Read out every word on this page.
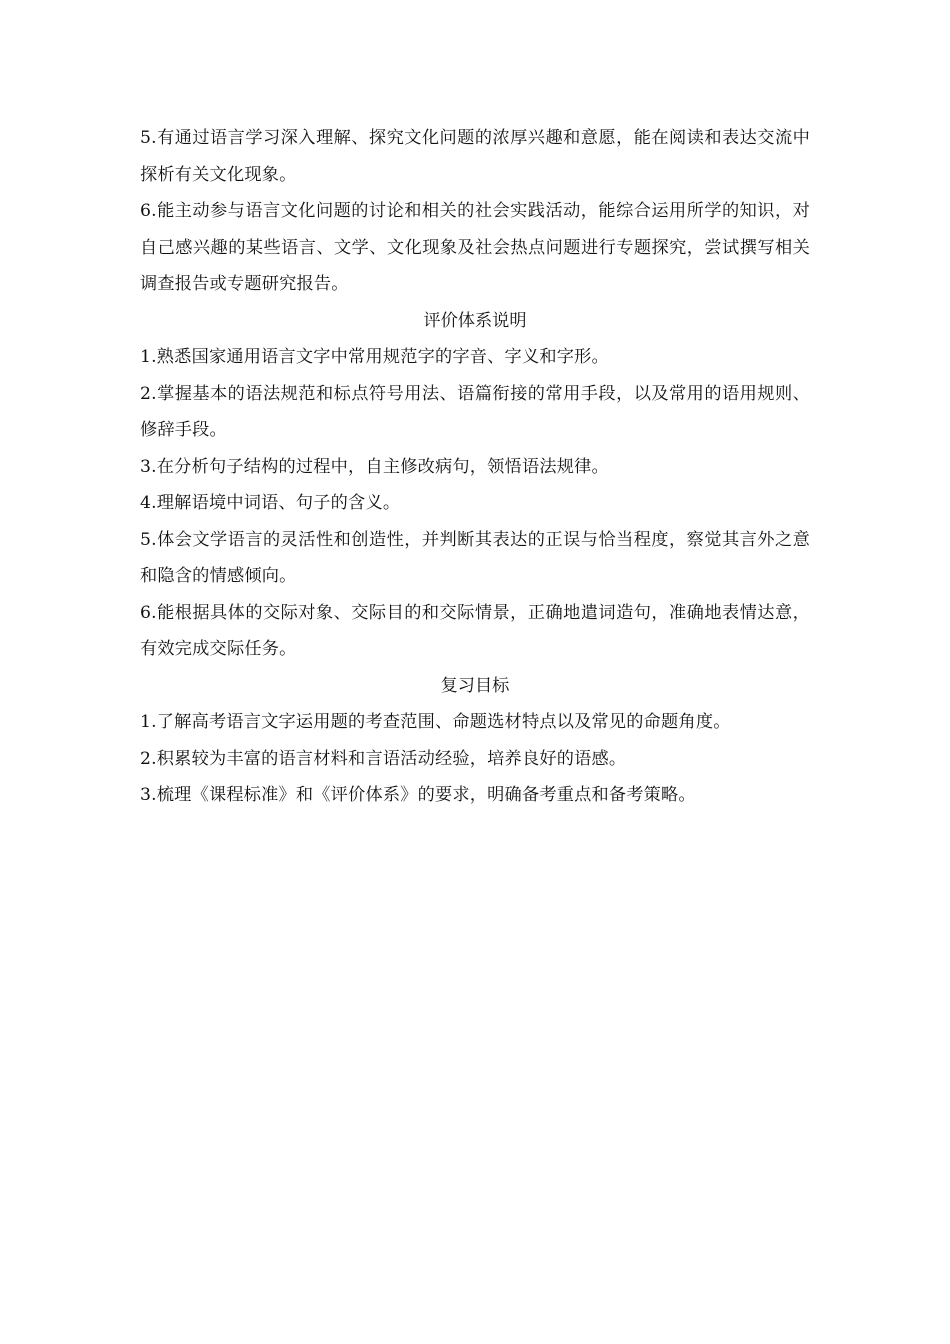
5.有通过语言学习深入理解、探究文化问题的浓厚兴趣和意愿，能在阅读和表达交流中探析有关文化现象。

6.能主动参与语言文化问题的讨论和相关的社会实践活动，能综合运用所学的知识，对自己感兴趣的某些语言、文学、文化现象及社会热点问题进行专题探究，尝试撰写相关调查报告或专题研究报告。

评价体系说明

1.熟悉国家通用语言文字中常用规范字的字音、字义和字形。

2.掌握基本的语法规范和标点符号用法、语篇衔接的常用手段，以及常用的语用规则、修辞手段。

3.在分析句子结构的过程中，自主修改病句，领悟语法规律。

4.理解语境中词语、句子的含义。

5.体会文学语言的灵活性和创造性，并判断其表达的正误与恰当程度，察觉其言外之意和隐含的情感倾向。

6.能根据具体的交际对象、交际目的和交际情景，正确地遣词造句，准确地表情达意，有效完成交际任务。

复习目标

1.了解高考语言文字运用题的考查范围、命题选材特点以及常见的命题角度。

2.积累较为丰富的语言材料和言语活动经验，培养良好的语感。

3.梳理《课程标准》和《评价体系》的要求，明确备考重点和备考策略。
